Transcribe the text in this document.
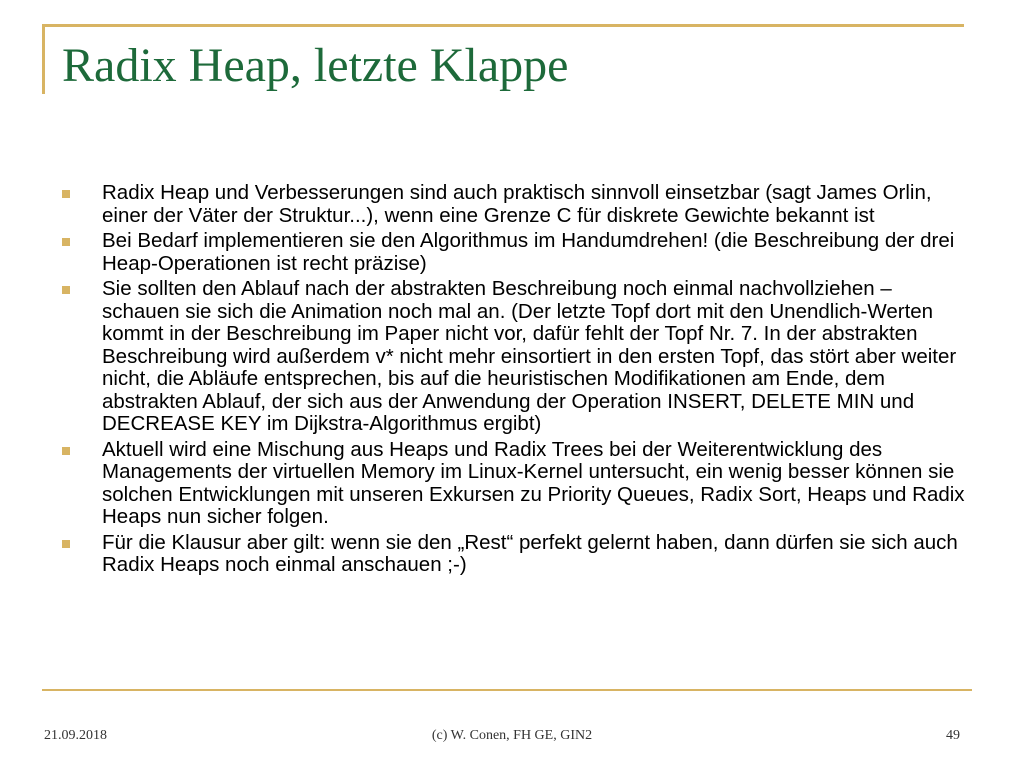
Radix Heap, letzte Klappe
Radix Heap und Verbesserungen sind auch praktisch sinnvoll einsetzbar (sagt James Orlin, einer der Väter der Struktur...), wenn eine Grenze C für diskrete Gewichte bekannt ist
Bei Bedarf implementieren sie den Algorithmus im Handumdrehen! (die Beschreibung der drei Heap-Operationen ist recht präzise)
Sie sollten den Ablauf nach der abstrakten Beschreibung noch einmal nachvollziehen – schauen sie sich die Animation noch mal an. (Der letzte Topf dort mit den Unendlich-Werten kommt in der Beschreibung im Paper nicht vor, dafür fehlt der Topf Nr. 7. In der abstrakten Beschreibung wird außerdem v* nicht mehr einsortiert in den ersten Topf, das stört aber weiter nicht, die Abläufe entsprechen, bis auf die heuristischen Modifikationen am Ende, dem abstrakten Ablauf, der sich aus der Anwendung der Operation INSERT, DELETE MIN und DECREASE KEY im Dijkstra-Algorithmus ergibt)
Aktuell wird eine Mischung aus Heaps und Radix Trees bei der Weiterentwicklung des Managements der virtuellen Memory im Linux-Kernel untersucht, ein wenig besser können sie solchen Entwicklungen mit unseren Exkursen zu Priority Queues, Radix Sort, Heaps und Radix Heaps nun sicher folgen.
Für die Klausur aber gilt: wenn sie den „Rest“ perfekt gelernt haben, dann dürfen sie sich auch Radix Heaps noch einmal anschauen ;-)
21.09.2018	(c) W. Conen, FH GE, GIN2	49
